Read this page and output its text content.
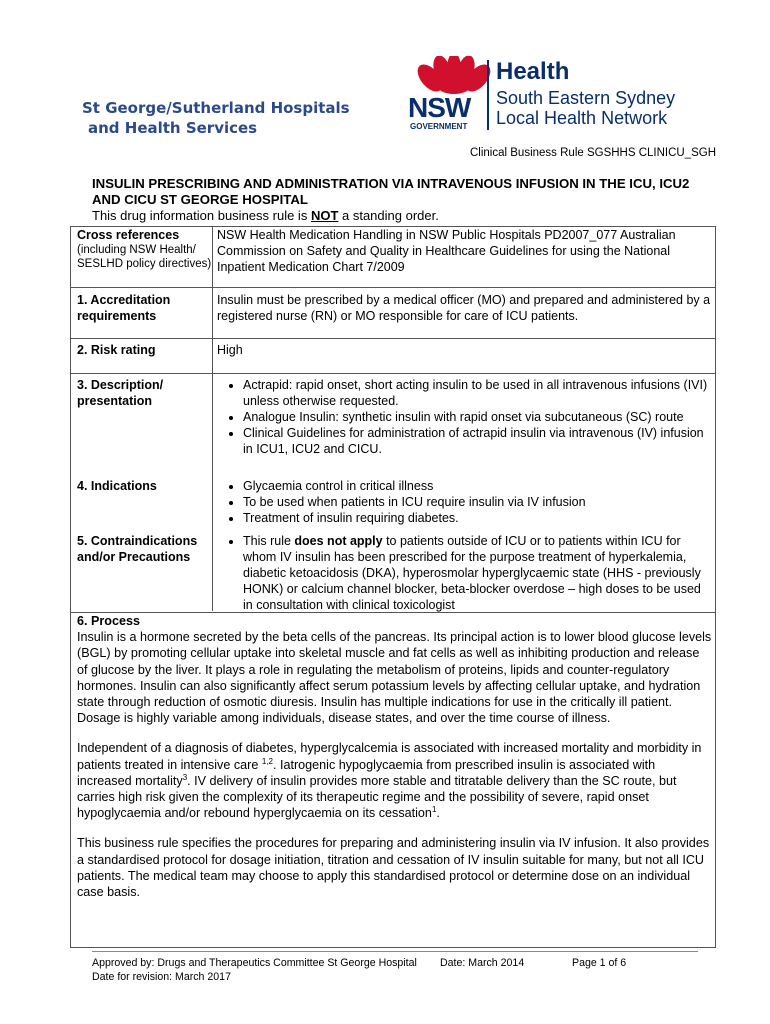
St George/Sutherland Hospitals
and Health Services
NSW
GOVERNMENT
Health
South Eastern Sydney
Local Health Network
Clinical Business Rule SGSHHS CLINICU_SGH
INSULIN PRESCRIBING AND ADMINISTRATION VIA INTRAVENOUS INFUSION IN THE ICU, ICU2 AND CICU ST GEORGE HOSPITAL
This drug information business rule is NOT a standing order.
Cross references
(including NSW Health/ SESLHD policy directives)
NSW Health Medication Handling in NSW Public Hospitals PD2007_077 Australian Commission on Safety and Quality in Healthcare Guidelines for using the National Inpatient Medication Chart 7/2009
1. Accreditation requirements
Insulin must be prescribed by a medical officer (MO) and prepared and administered by a registered nurse (RN) or MO responsible for care of ICU patients.
2. Risk rating	High
3. Description/ presentation
• Actrapid: rapid onset, short acting insulin to be used in all intravenous infusions (IVI) unless otherwise requested.
• Analogue Insulin: synthetic insulin with rapid onset via subcutaneous (SC) route
• Clinical Guidelines for administration of actrapid insulin via intravenous (IV) infusion in ICU1, ICU2 and CICU.
4. Indications
•	Glycaemia control in critical illness
• To be used when patients in ICU require insulin via IV infusion
• Treatment of insulin requiring diabetes.
5. Contraindications and/or Precautions
• This rule does not apply to patients outside of ICU or to patients within ICU for whom IV insulin has been prescribed for the purpose treatment of hyperkalemia, diabetic ketoacidosis (DKA), hyperosmolar hyperglycaemic state (HHS - previously HONK) or calcium channel blocker, beta-blocker overdose – high doses to be used in consultation with clinical toxicologist
6. Process

Insulin is a hormone secreted by the beta cells of the pancreas. Its principal action is to lower blood glucose levels (BGL) by promoting cellular uptake into skeletal muscle and fat cells as well as inhibiting production and release of glucose by the liver. It plays a role in regulating the metabolism of proteins, lipids and counter-regulatory hormones. Insulin can also significantly affect serum potassium levels by affecting cellular uptake, and hydration state through reduction of osmotic diuresis. Insulin has multiple indications for use in the critically ill patient. Dosage is highly variable among individuals, disease states, and over the time course of illness.

Independent of a diagnosis of diabetes, hyperglycalcemia is associated with increased mortality and morbidity in patients treated in intensive care $^{1,2}$. Iatrogenic hypoglycaemia from prescribed insulin is associated with increased mortality$^3$. IV delivery of insulin provides more stable and titratable delivery than the SC route, but carries high risk given the complexity of its therapeutic regime and the possibility of severe, rapid onset hypoglycaemia and/or rebound hyperglycaemia on its cessation$^1$.

This business rule specifies the procedures for preparing and administering insulin via IV infusion. It also provides a standardised protocol for dosage initiation, titration and cessation of IV insulin suitable for many, but not all ICU patients. The medical team may choose to apply this standardised protocol or determine dose on an individual case basis.

Approved by: Drugs and Therapeutics Committee St George Hospital
Date for revision: March 2017
Date: March 2014	Page 1 of 6
